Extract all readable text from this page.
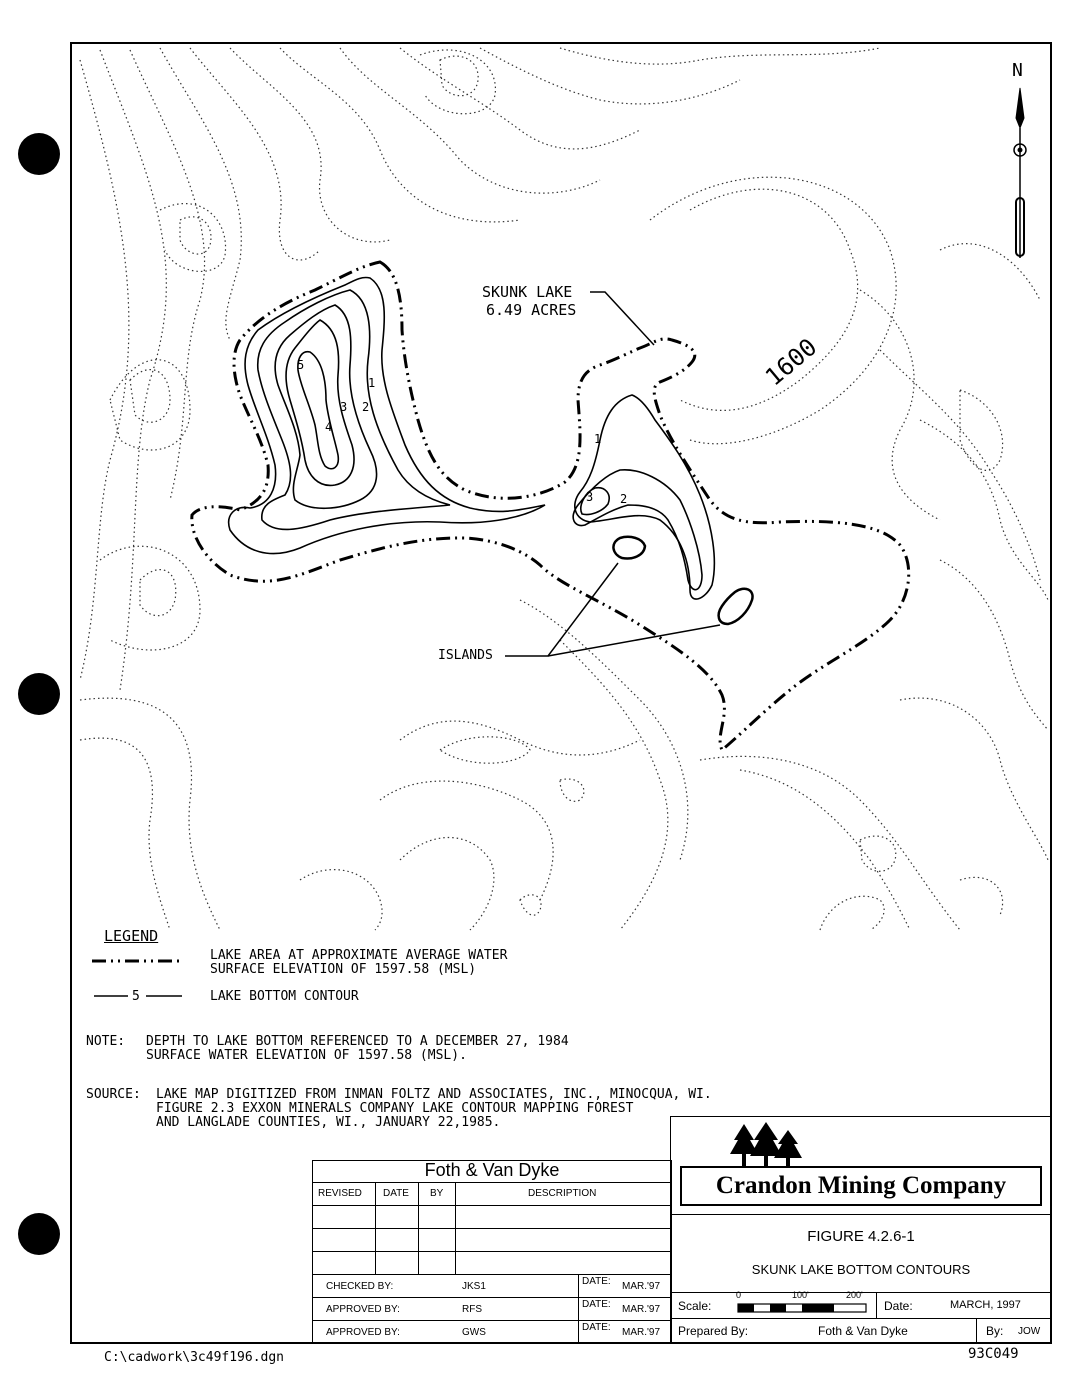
N
SKUNK LAKE
6.49 ACRES
1600
ISLANDS
5
4
3 2
1
3 2
1
LEGEND
LAKE AREA AT APPROXIMATE AVERAGE WATER
SURFACE ELEVATION OF 1597.58 (MSL)
5	LAKE BOTTOM CONTOUR
NOTE: DEPTH TO LAKE BOTTOM REFERENCED TO A DECEMBER 27, 1984
SURFACE WATER ELEVATION OF 1597.58 (MSL).
SOURCE: LAKE MAP DIGITIZED FROM INMAN FOLTZ AND ASSOCIATES, INC., MINOCQUA, WI.
FIGURE 2.3 EXXON MINERALS COMPANY LAKE CONTOUR MAPPING FOREST
AND LANGLADE COUNTIES, WI., JANUARY 22,1985.
Foth & Van Dyke
REVISED DATE BY	DESCRIPTION
CHECKED BY:	JKS1	DATE: MAR.'97
APPROVED BY:	RFS	DATE: MAR.'97
APPROVED BY:	GWS	DATE: MAR.'97
Crandon Mining Company
FIGURE 4.2.6-1
SKUNK LAKE BOTTOM CONTOURS
Scale:
0	100'	200'
Date:	MARCH, 1997
Prepared By:	Foth & Van Dyke	By: JOW
C:\cadwork\3c49f196.dgn	93C049
